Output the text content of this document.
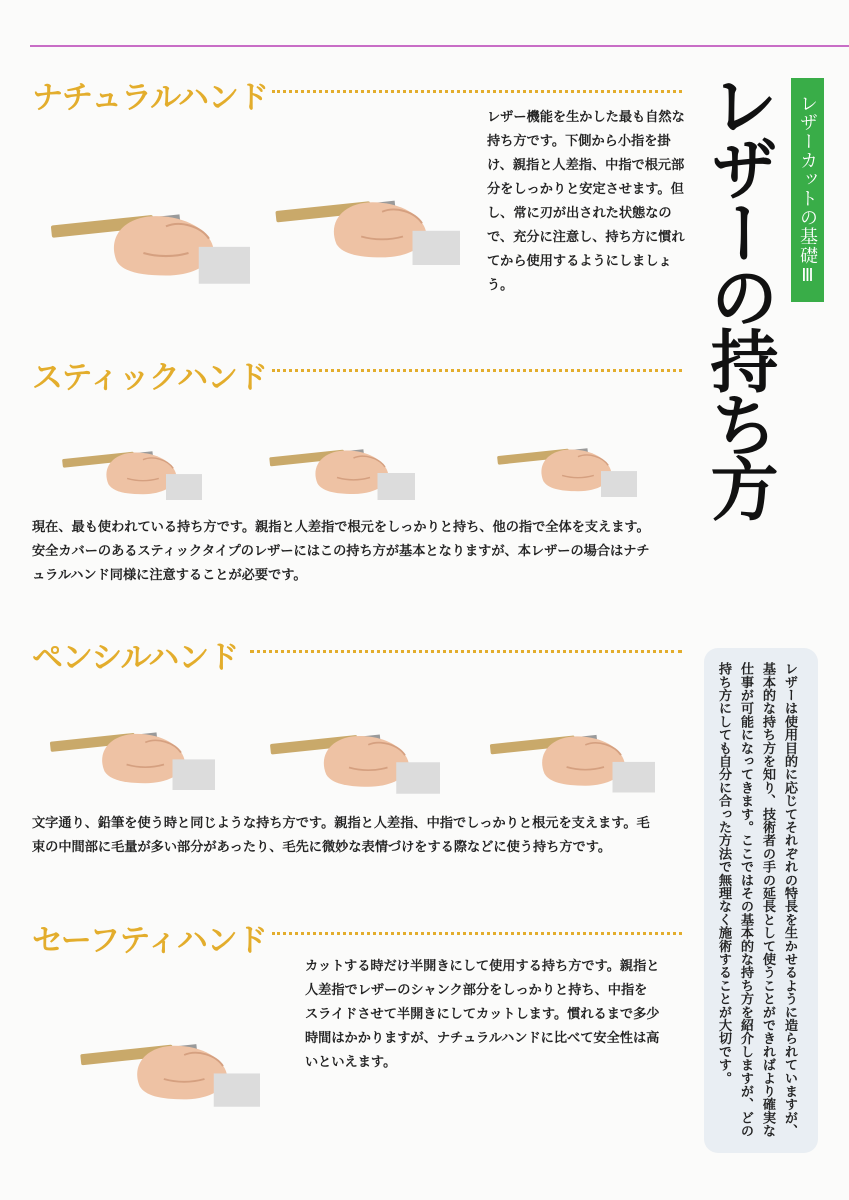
ナチュラルハンド

レザー機能を生かした最も自然な持ち方です。下側から小指を掛け、親指と人差指、中指で根元部分をしっかりと安定させます。但し、常に刃が出された状態なので、充分に注意し、持ち方に慣れてから使用するようにしましょう。

スティックハンド

現在、最も使われている持ち方です。親指と人差指で根元をしっかりと持ち、他の指で全体を支えます。安全カバーのあるスティックタイプのレザーにはこの持ち方が基本となりますが、本レザーの場合はナチュラルハンド同様に注意することが必要です。

ペンシルハンド

文字通り、鉛筆を使う時と同じような持ち方です。親指と人差指、中指でしっかりと根元を支えます。毛束の中間部に毛量が多い部分があったり、毛先に微妙な表情づけをする際などに使う持ち方です。

セーフティハンド

カットする時だけ半開きにして使用する持ち方です。親指と人差指でレザーのシャンク部分をしっかりと持ち、中指をスライドさせて半開きにしてカットします。慣れるまで多少時間はかかりますが、ナチュラルハンドに比べて安全性は高いといえます。

レザーカットの基礎Ⅲ
レザーの持ち方

レザーは使用目的に応じてそれぞれの特長を生かせるように造られていますが、基本的な持ち方を知り、技術者の手の延長として使うことができればより確実な仕事が可能になってきます。ここではその基本的な持ち方を紹介しますが、どの持ち方にしても自分に合った方法で無理なく施術することが大切です。
